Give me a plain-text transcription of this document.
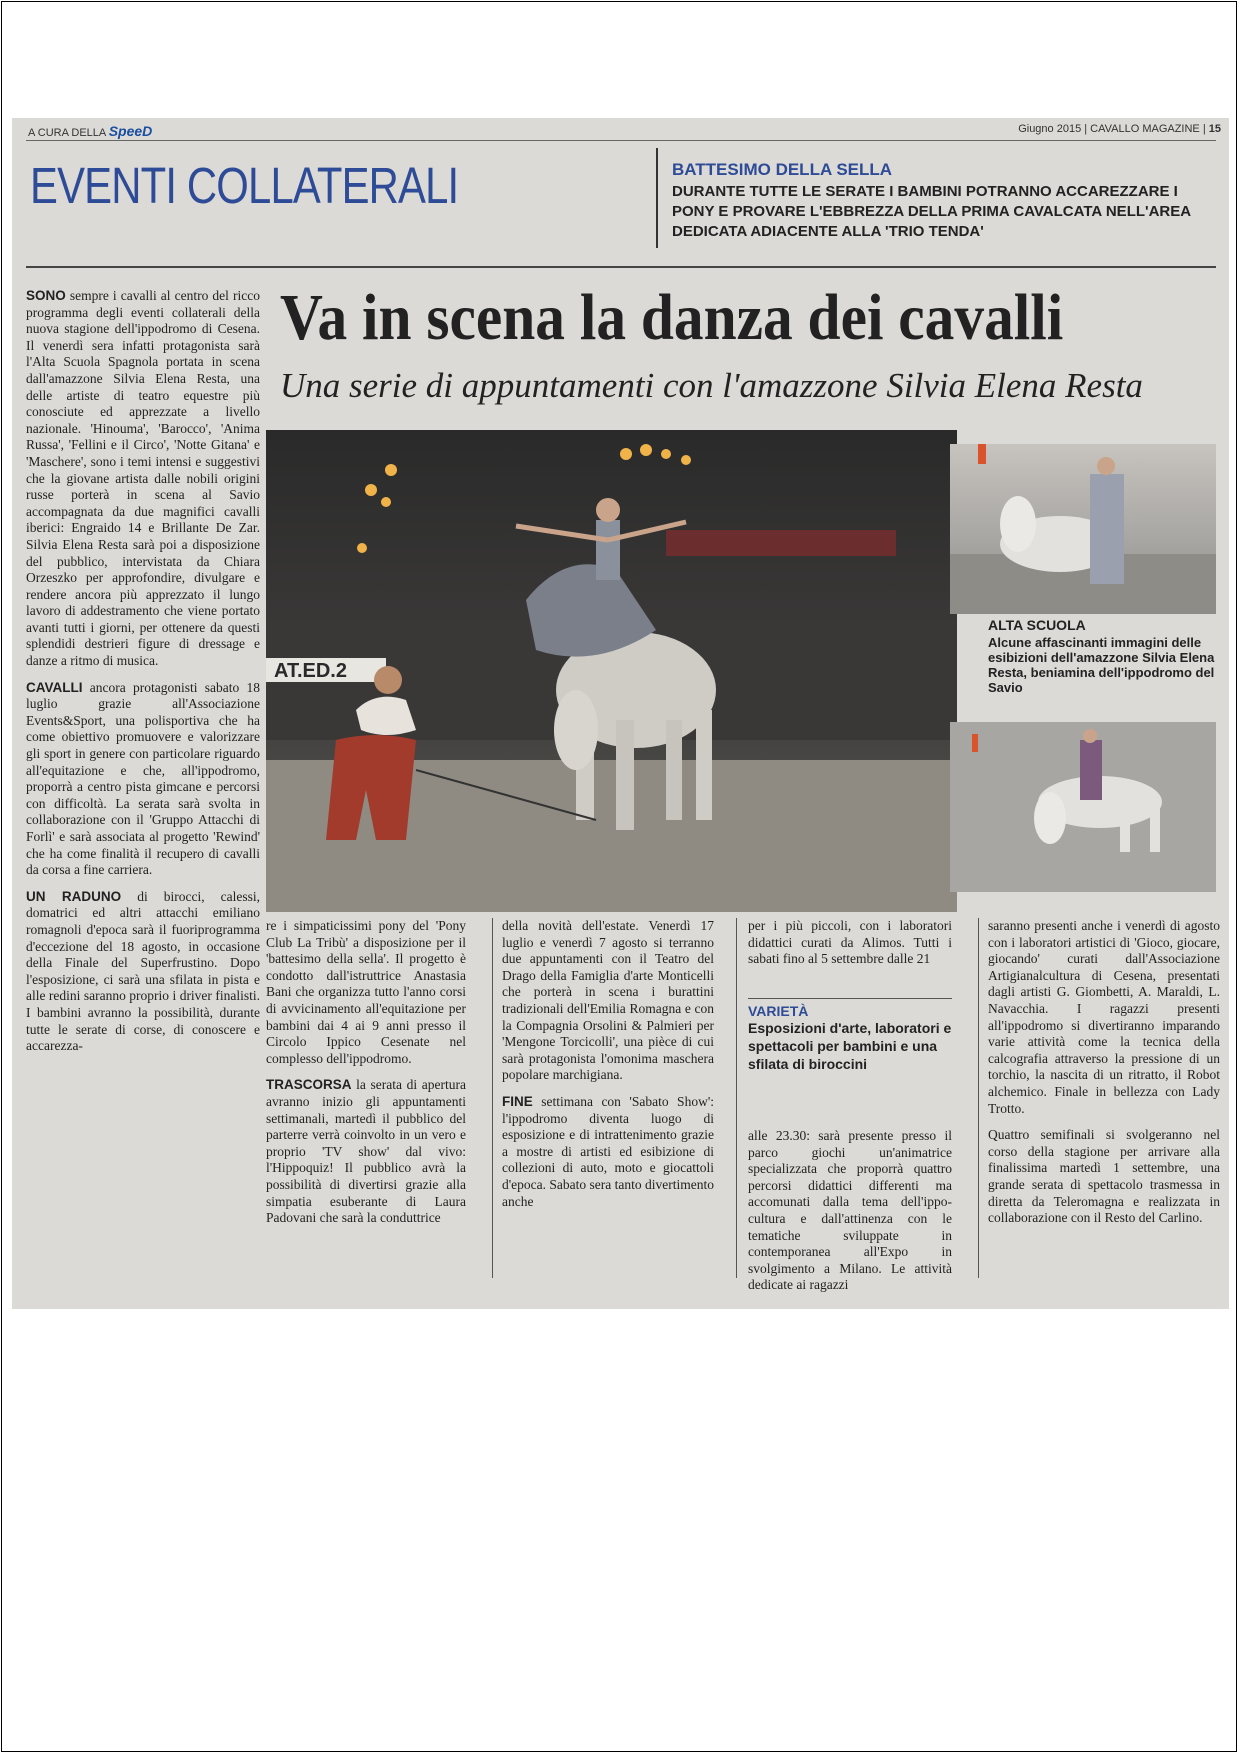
A CURA DELLA SpeeD	Giugno 2015 | CAVALLO MAGAZINE | 15
EVENTI COLLATERALI	BATTESIMO DELLA SELLA
DURANTE TUTTE LE SERATE I BAMBINI POTRANNO ACCAREZZARE I PONY E PROVARE L'EBBREZZA DELLA PRIMA CAVALCATA NELL'AREA DEDICATA ADIACENTE ALLA 'TRIO TENDA'
Va in scena la danza dei cavalli
Una serie di appuntamenti con l'amazzone Silvia Elena Resta

SONO sempre i cavalli al centro del ricco programma degli eventi collaterali della nuova stagione dell'ippodromo di Cesena. Il venerdì sera infatti protagonista sarà l'Alta Scuola Spagnola portata in scena dall'amazzone Silvia Elena Resta, una delle artiste di teatro equestre più conosciute ed apprezzate a livello nazionale. 'Hinouma', 'Barocco', 'Anima Russa', 'Fellini e il Circo', 'Notte Gitana' e 'Maschere', sono i temi intensi e suggestivi che la giovane artista dalle nobili origini russe porterà in scena al Savio accompagnata da due magnifici cavalli iberici: Engraido 14 e Brillante De Zar. Silvia Elena Resta sarà poi a disposizione del pubblico, intervistata da Chiara Orzeszko per approfondire, divulgare e rendere ancora più apprezzato il lungo lavoro di addestramento che viene portato avanti tutti i giorni, per ottenere da questi splendidi destrieri figure di dressage e danze a ritmo di musica.

CAVALLI ancora protagonisti sabato 18 luglio grazie all'Associazione Events&Sport, una polisportiva che ha come obiettivo promuovere e valorizzare gli sport in genere con particolare riguardo all'equitazione e che, all'ippodromo, proporrà a centro pista gimcane e percorsi con difficoltà. La serata sarà svolta in collaborazione con il 'Gruppo Attacchi di Forlì' e sarà associata al progetto 'Rewind' che ha come finalità il recupero di cavalli da corsa a fine carriera.

UN RADUNO di birocci, calessi, domatrici ed altri attacchi emiliano romagnoli d'epoca sarà il fuoriprogramma d'eccezione del 18 agosto, in occasione della Finale del Superfrustino. Dopo l'esposizione, ci sarà una sfilata in pista e alle redini saranno proprio i driver finalisti. I bambini avranno la possibilità, durante tutte le serate di corse, di conoscere e accarezza-

AT.ED.2
ALTA SCUOLA
Alcune affascinanti immagini delle esibizioni dell'amazzone Silvia Elena Resta, beniamina dell'ippodromo del Savio

re i simpaticissimi pony del 'Pony Club La Tribù' a disposizione per il 'battesimo della sella'. Il progetto è condotto dall'istruttrice Anastasia Bani che organizza tutto l'anno corsi di avvicinamento all'equitazione per bambini dai 4 ai 9 anni presso il Circolo Ippico Cesenate nel complesso dell'ippodromo.

TRASCORSA la serata di apertura avranno inizio gli appuntamenti settimanali, martedì il pubblico del parterre verrà coinvolto in un vero e proprio 'TV show' dal vivo: l'Hippoquiz! Il pubblico avrà la possibilità di divertirsi grazie alla simpatia esuberante di Laura Padovani che sarà la conduttrice

della novità dell'estate. Venerdì 17 luglio e venerdì 7 agosto si terranno due appuntamenti con il Teatro del Drago della Famiglia d'arte Monticelli che porterà in scena i burattini tradizionali dell'Emilia Romagna e con la Compagnia Orsolini & Palmieri per 'Mengone Torcicolli', una pièce di cui sarà protagonista l'omonima maschera popolare marchigiana.

FINE settimana con 'Sabato Show': l'ippodromo diventa luogo di esposizione e di intrattenimento grazie a mostre di artisti ed esibizione di collezioni di auto, moto e giocattoli d'epoca. Sabato sera tanto divertimento anche

per i più piccoli, con i laboratori didattici curati da Alimos. Tutti i sabati fino al 5 settembre dalle 21

VARIETÀ
Esposizioni d'arte, laboratori e spettacoli per bambini e una sfilata di biroccini

alle 23.30: sarà presente presso il parco giochi un'animatrice specializzata che proporrà quattro percorsi didattici differenti ma accomunati dalla tema dell'ippo-cultura e dall'attinenza con le tematiche sviluppate in contemporanea all'Expo in svolgimento a Milano. Le attività dedicate ai ragazzi

saranno presenti anche i venerdì di agosto con i laboratori artistici di 'Gioco, giocare, giocando' curati dall'Associazione Artigianalcultura di Cesena, presentati dagli artisti G. Giombetti, A. Maraldi, L. Navacchia. I ragazzi presenti all'ippodromo si divertiranno imparando varie attività come la tecnica della calcografia attraverso la pressione di un torchio, la nascita di un ritratto, il Robot alchemico. Finale in bellezza con Lady Trotto.

Quattro semifinali si svolgeranno nel corso della stagione per arrivare alla finalissima martedì 1 settembre, una grande serata di spettacolo trasmessa in diretta da Teleromagna e realizzata in collaborazione con il Resto del Carlino.
